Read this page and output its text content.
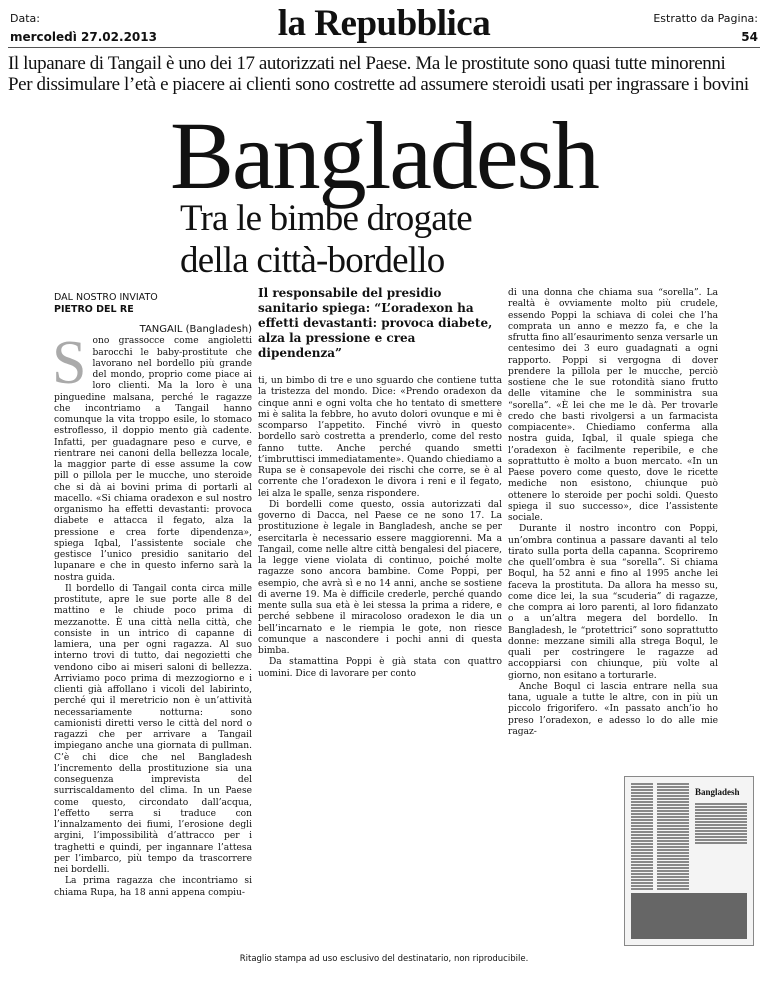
Data:
mercoledì 27.02.2013	la Repubblica	Estratto da Pagina:
54
Il lupanare di Tangail è uno dei 17 autorizzati nel Paese. Ma le prostitute sono quasi tutte minorenni
Per dissimulare l’età e piacere ai clienti sono costrette ad assumere steroidi usati per ingrassare i bovini
Bangladesh
Tra le bimbe drogate
della città-bordello
DAL NOSTRO INVIATO
PIETRO DEL RE
TANGAIL (Bangladesh)
S ono grassocce come angioletti barocchi le baby-prostitute che lavorano nel bordello più grande del mondo, proprio come piace ai loro clienti. Ma la loro è una pinguedine malsana, perché le ragazze che incontriamo a Tangail hanno comunque la vita troppo esile, lo stomaco estroflesso, il doppio mento già cadente. Infatti, per guadagnare peso e curve, e rientrare nei canoni della bellezza locale, la maggior parte di esse assume la cow pill o pillola per le mucche, uno steroide che si dà ai bovini prima di portarli al macello. «Si chiama oradexon e sul nostro organismo ha effetti devastanti: provoca diabete e attacca il fegato, alza la pressione e crea forte dipendenza», spiega Iqbal, l’assistente sociale che gestisce l’unico presidio sanitario del lupanare e che in questo inferno sarà la nostra guida.

Il bordello di Tangail conta circa mille prostitute, apre le sue porte alle 8 del mattino e le chiude poco prima di mezzanotte. È una città nella città, che consiste in un intrico di capanne di lamiera, una per ogni ragazza. Al suo interno trovi di tutto, dai negozietti che vendono cibo ai miseri saloni di bellezza. Arriviamo poco prima di mezzogiorno e i clienti già affollano i vicoli del labirinto, perché qui il meretricio non è un’attività necessariamente notturna: sono camionisti diretti verso le città del nord o ragazzi che per arrivare a Tangail impiegano anche una giornata di pullman. C’è chi dice che nel Bangladesh l’incremento della prostituzione sia una conseguenza imprevista del surriscaldamento del clima. In un Paese come questo, circondato dall’acqua, l’effetto serra si traduce con l’innalzamento dei fiumi, l’erosione degli argini, l’impossibilità d’attracco per i traghetti e quindi, per ingannare l’attesa per l’imbarco, più tempo da trascorrere nei bordelli.

La prima ragazza che incontriamo si chiama Rupa, ha 18 anni appena compiu-

Il responsabile del presidio sanitario spiega: “L’oradexon ha effetti devastanti: provoca diabete, alza la pressione e crea dipendenza”

ti, un bimbo di tre e uno sguardo che contiene tutta la tristezza del mondo. Dice: «Prendo oradexon da cinque anni e ogni volta che ho tentato di smettere mi è salita la febbre, ho avuto dolori ovunque e mi è scomparso l’appetito. Finché vivrò in questo bordello sarò costretta a prenderlo, come del resto fanno tutte. Anche perché quando smetti t’imbruttisci immediatamente». Quando chiediamo a Rupa se è consapevole dei rischi che corre, se è al corrente che l’oradexon le divora i reni e il fegato, lei alza le spalle, senza rispondere.

Di bordelli come questo, ossia autorizzati dal governo di Dacca, nel Paese ce ne sono 17. La prostituzione è legale in Bangladesh, anche se per esercitarla è necessario essere maggiorenni. Ma a Tangail, come nelle altre città bengalesi del piacere, la legge viene violata di continuo, poiché molte ragazze sono ancora bambine. Come Poppi, per esempio, che avrà sì e no 14 anni, anche se sostiene di averne 19. Ma è difficile crederle, perché quando mente sulla sua età è lei stessa la prima a ridere, e perché sebbene il miracoloso oradexon le dia un bell’incarnato e le riempia le gote, non riesce comunque a nascondere i pochi anni di questa bimba.

Da stamattina Poppi è già stata con quattro uomini. Dice di lavorare per conto

di una donna che chiama sua “sorella”. La realtà è ovviamente molto più crudele, essendo Poppi la schiava di colei che l’ha comprata un anno e mezzo fa, e che la sfrutta fino all’esaurimento senza versarle un centesimo dei 3 euro guadagnati a ogni rapporto. Poppi si vergogna di dover prendere la pillola per le mucche, perciò sostiene che le sue rotondità siano frutto delle vitamine che le somministra sua “sorella”. «È lei che me le dà. Per trovarle credo che basti rivolgersi a un farmacista compiacente». Chiediamo conferma alla nostra guida, Iqbal, il quale spiega che l’oradexon è facilmente reperibile, e che soprattutto è molto a buon mercato. «In un Paese povero come questo, dove le ricette mediche non esistono, chiunque può ottenere lo steroide per pochi soldi. Questo spiega il suo successo», dice l’assistente sociale.

Durante il nostro incontro con Poppi, un’ombra continua a passare davanti al telo tirato sulla porta della capanna. Scopriremo che quell’ombra è sua “sorella”. Si chiama Boqul, ha 52 anni e fino al 1995 anche lei faceva la prostituta. Da allora ha messo su, come dice lei, la sua “scuderia” di ragazze, che compra ai loro parenti, al loro fidanzato o a un’altra megera del bordello. In Bangladesh, le “protettrici” sono soprattutto donne: mezzane simili alla strega Boqul, le quali per costringere le ragazze ad accoppiarsi con chiunque, più volte al giorno, non esitano a torturarle.

Anche Boqul ci lascia entrare nella sua tana, uguale a tutte le altre, con in più un piccolo frigorifero. «In passato anch’io ho preso l’oradexon, e adesso lo do alle mie ragaz-

Bangladesh
Ritaglio stampa ad uso esclusivo del destinatario, non riproducibile.
